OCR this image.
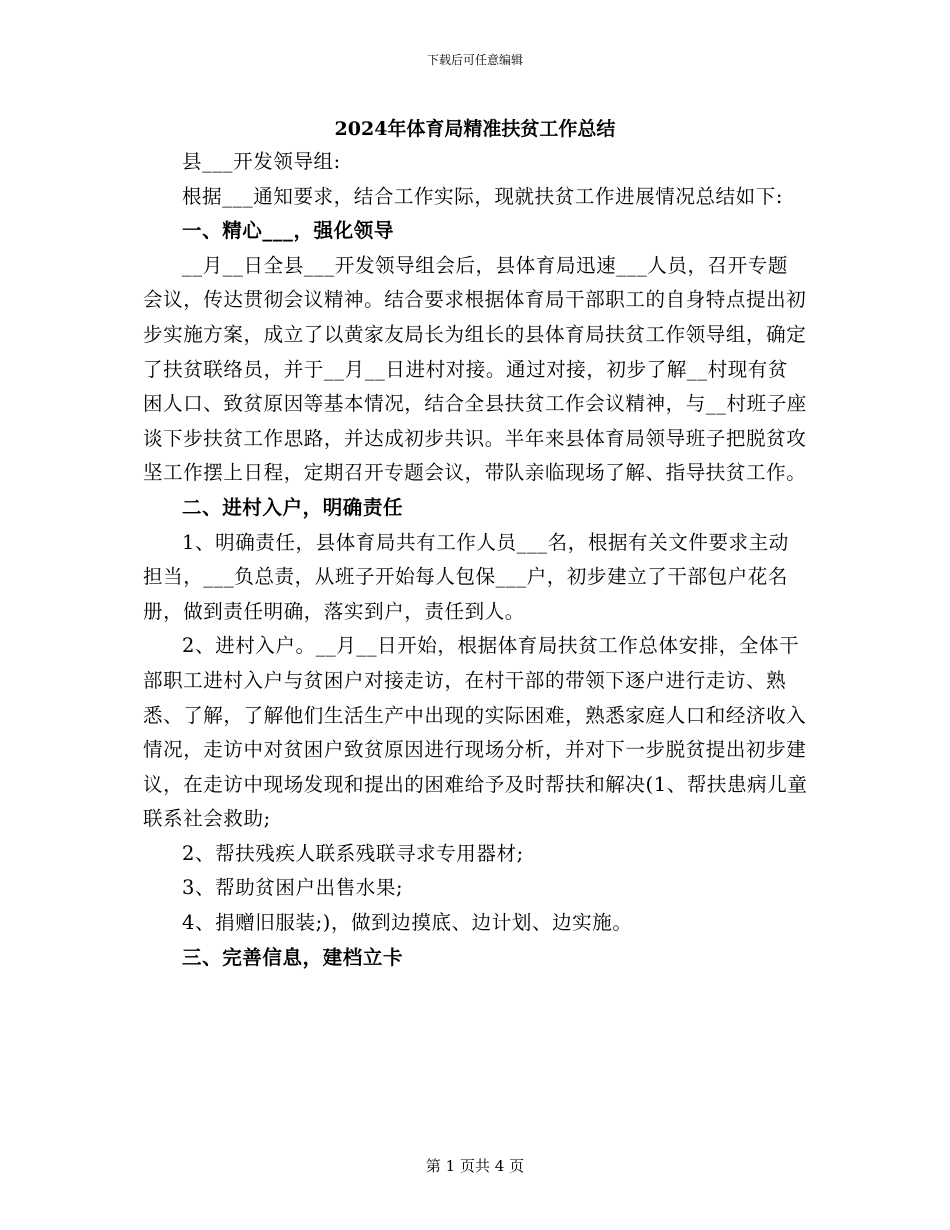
下载后可任意编辑
2024年体育局精准扶贫工作总结

县___开发领导组:

根据___通知要求，结合工作实际，现就扶贫工作进展情况总结如下:

一、精心___，强化领导

__月__日全县___开发领导组会后，县体育局迅速___人员，召开专题会议，传达贯彻会议精神。结合要求根据体育局干部职工的自身特点提出初步实施方案，成立了以黄家友局长为组长的县体育局扶贫工作领导组，确定了扶贫联络员，并于__月__日进村对接。通过对接，初步了解__村现有贫困人口、致贫原因等基本情况，结合全县扶贫工作会议精神，与__村班子座谈下步扶贫工作思路，并达成初步共识。半年来县体育局领导班子把脱贫攻坚工作摆上日程，定期召开专题会议，带队亲临现场了解、指导扶贫工作。

二、进村入户，明确责任

1、明确责任，县体育局共有工作人员___名，根据有关文件要求主动担当，___负总责，从班子开始每人包保___户，初步建立了干部包户花名册，做到责任明确，落实到户，责任到人。

2、进村入户。__月__日开始，根据体育局扶贫工作总体安排，全体干部职工进村入户与贫困户对接走访，在村干部的带领下逐户进行走访、熟悉、了解，了解他们生活生产中出现的实际困难，熟悉家庭人口和经济收入情况，走访中对贫困户致贫原因进行现场分析，并对下一步脱贫提出初步建议，在走访中现场发现和提出的困难给予及时帮扶和解决(1、帮扶患病儿童联系社会救助;

2、帮扶残疾人联系残联寻求专用器材;

3、帮助贫困户出售水果;

4、捐赠旧服装;)，做到边摸底、边计划、边实施。

三、完善信息，建档立卡

第 1 页共 4 页
